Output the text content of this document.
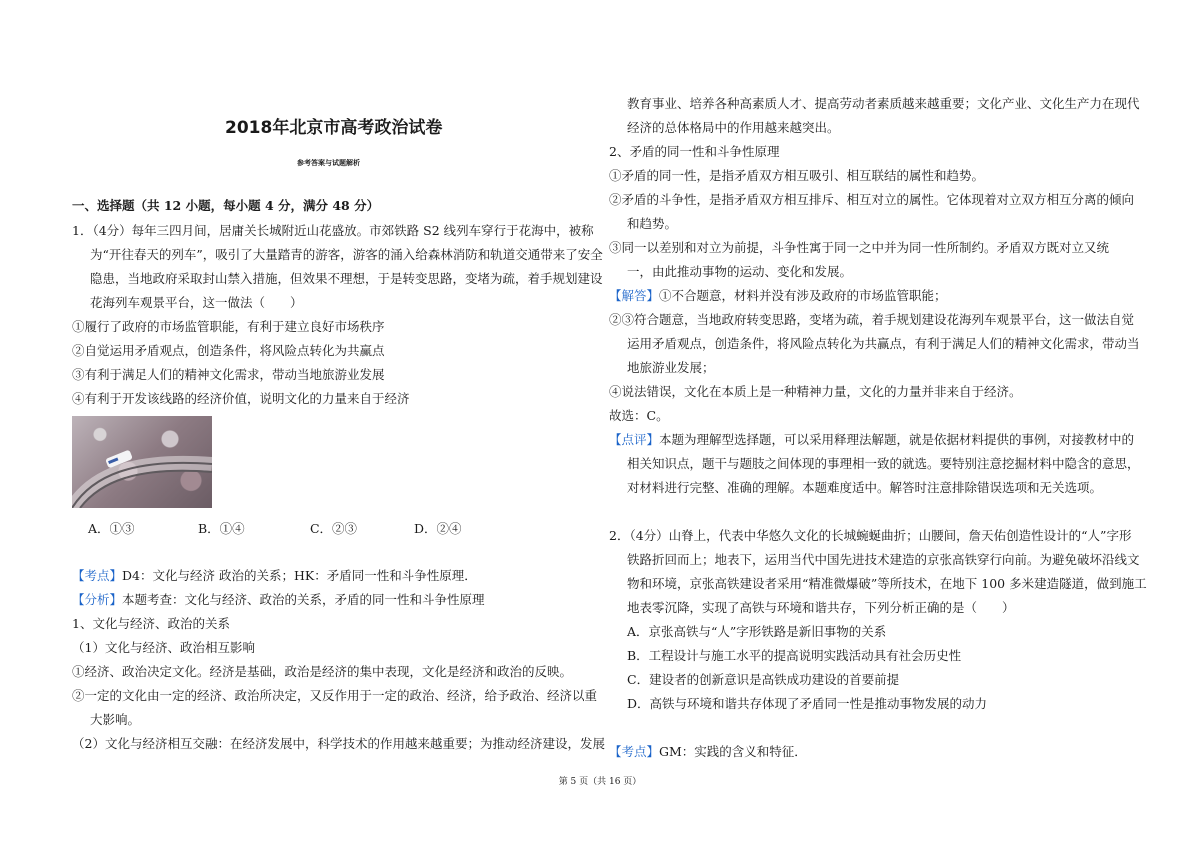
2018年北京市高考政治试卷
参考答案与试题解析
一、选择题（共 12 小题，每小题 4 分，满分 48 分）
1．（4分）每年三四月间，居庸关长城附近山花盛放。市郊铁路 S2 线列车穿行于花海中，被称
为“开往春天的列车”，吸引了大量踏青的游客，游客的涌入给森林消防和轨道交通带来了安全
隐患，当地政府采取封山禁入措施，但效果不理想，于是转变思路，变堵为疏，着手规划建设
花海列车观景平台，这一做法（　　）
①履行了政府的市场监管职能，有利于建立良好市场秩序
②自觉运用矛盾观点，创造条件，将风险点转化为共赢点
③有利于满足人们的精神文化需求，带动当地旅游业发展
④有利于开发该线路的经济价值，说明文化的力量来自于经济
A．①③	B．①④	C．②③	D．②④
【考点】D4：文化与经济 政治的关系；HK：矛盾同一性和斗争性原理．
【分析】本题考查：文化与经济、政治的关系，矛盾的同一性和斗争性原理
1、文化与经济、政治的关系
（1）文化与经济、政治相互影响
①经济、政治决定文化。经济是基础，政治是经济的集中表现，文化是经济和政治的反映。
②一定的文化由一定的经济、政治所决定，又反作用于一定的政治、经济，给予政治、经济以重
大影响。
（2）文化与经济相互交融：在经济发展中，科学技术的作用越来越重要；为推动经济建设，发展
教育事业、培养各种高素质人才、提高劳动者素质越来越重要；文化产业、文化生产力在现代
经济的总体格局中的作用越来越突出。
2、矛盾的同一性和斗争性原理
①矛盾的同一性，是指矛盾双方相互吸引、相互联结的属性和趋势。
②矛盾的斗争性，是指矛盾双方相互排斥、相互对立的属性。它体现着对立双方相互分离的倾向
和趋势。
③同一以差别和对立为前提，斗争性寓于同一之中并为同一性所制约。矛盾双方既对立又统
一，由此推动事物的运动、变化和发展。
【解答】①不合题意，材料并没有涉及政府的市场监管职能；
②③符合题意，当地政府转变思路，变堵为疏，着手规划建设花海列车观景平台，这一做法自觉
运用矛盾观点，创造条件，将风险点转化为共赢点，有利于满足人们的精神文化需求，带动当
地旅游业发展；
④说法错误，文化在本质上是一种精神力量，文化的力量并非来自于经济。
故选：C。
【点评】本题为理解型选择题，可以采用释理法解题，就是依据材料提供的事例，对接教材中的
相关知识点，题干与题肢之间体现的事理相一致的就选。要特别注意挖掘材料中隐含的意思，
对材料进行完整、准确的理解。本题难度适中。解答时注意排除错误选项和无关选项。
2．（4分）山脊上，代表中华悠久文化的长城蜿蜒曲折；山腰间，詹天佑创造性设计的“人”字形
铁路折回而上；地表下，运用当代中国先进技术建造的京张高铁穿行向前。为避免破坏沿线文
物和环境，京张高铁建设者采用“精准微爆破”等所技术，在地下 100 多米建造隧道，做到施工
地表零沉降，实现了高铁与环境和谐共存，下列分析正确的是（　　）
A．京张高铁与“人”字形铁路是新旧事物的关系
B．工程设计与施工水平的提高说明实践活动具有社会历史性
C．建设者的创新意识是高铁成功建设的首要前提
D．高铁与环境和谐共存体现了矛盾同一性是推动事物发展的动力
【考点】GM：实践的含义和特征．
第 5 页（共 16 页）
